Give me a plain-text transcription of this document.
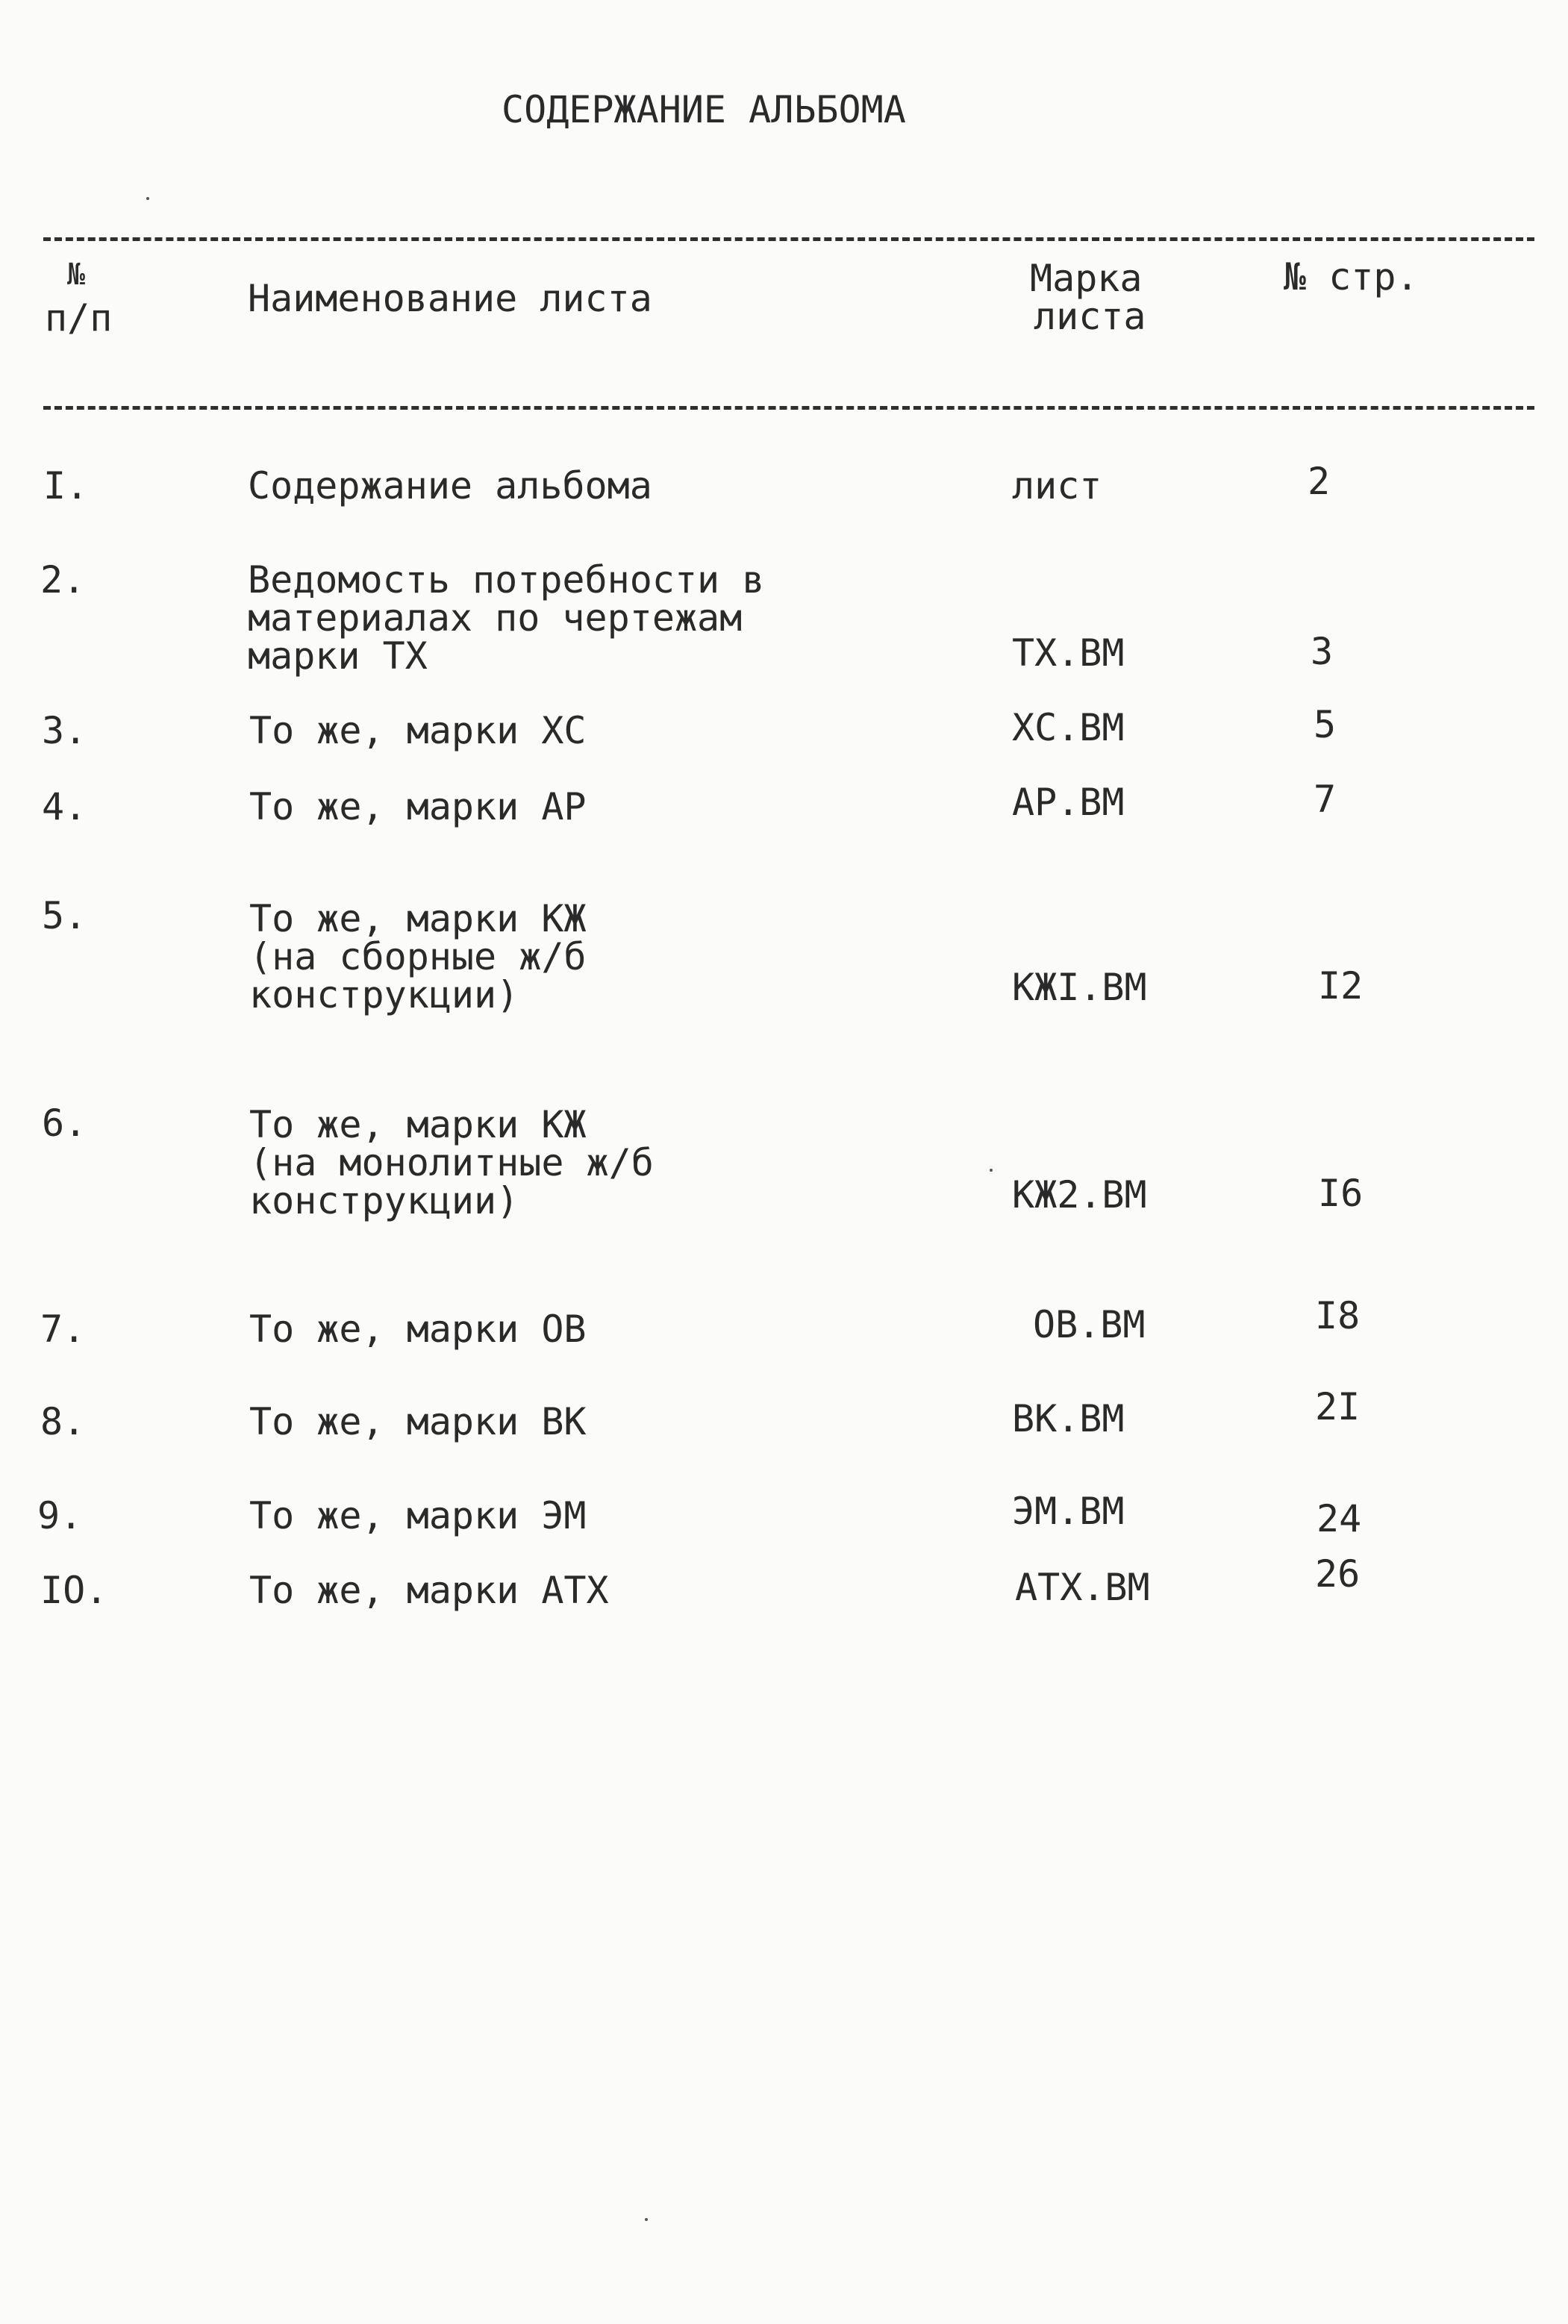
СОДЕРЖАНИЕ АЛЬБОМА
№
п/п	Наименование листа	Марка
листа
№ стр.
I.	Содержание альбома	лист	2
2.	Ведомость потребности в
материалах по чертежам
марки ТХ	ТХ.ВМ	3
3.	То же, марки ХС	ХС.ВМ	5
4.	То же, марки АР	АР.ВМ	7
5.	То же, марки КЖ
(на сборные ж/б
конструкции)	КЖI.ВМ	I2
6.	То же, марки КЖ
(на монолитные ж/б
конструкции)	КЖ2.ВМ	I6
7.	То же, марки ОВ	ОВ.ВМ	I8
8.	То же, марки ВК	ВК.ВМ	2I
9.	То же, марки ЭМ	ЭМ.ВМ	24
IO.	То же, марки АТХ	АТХ.ВМ	26
